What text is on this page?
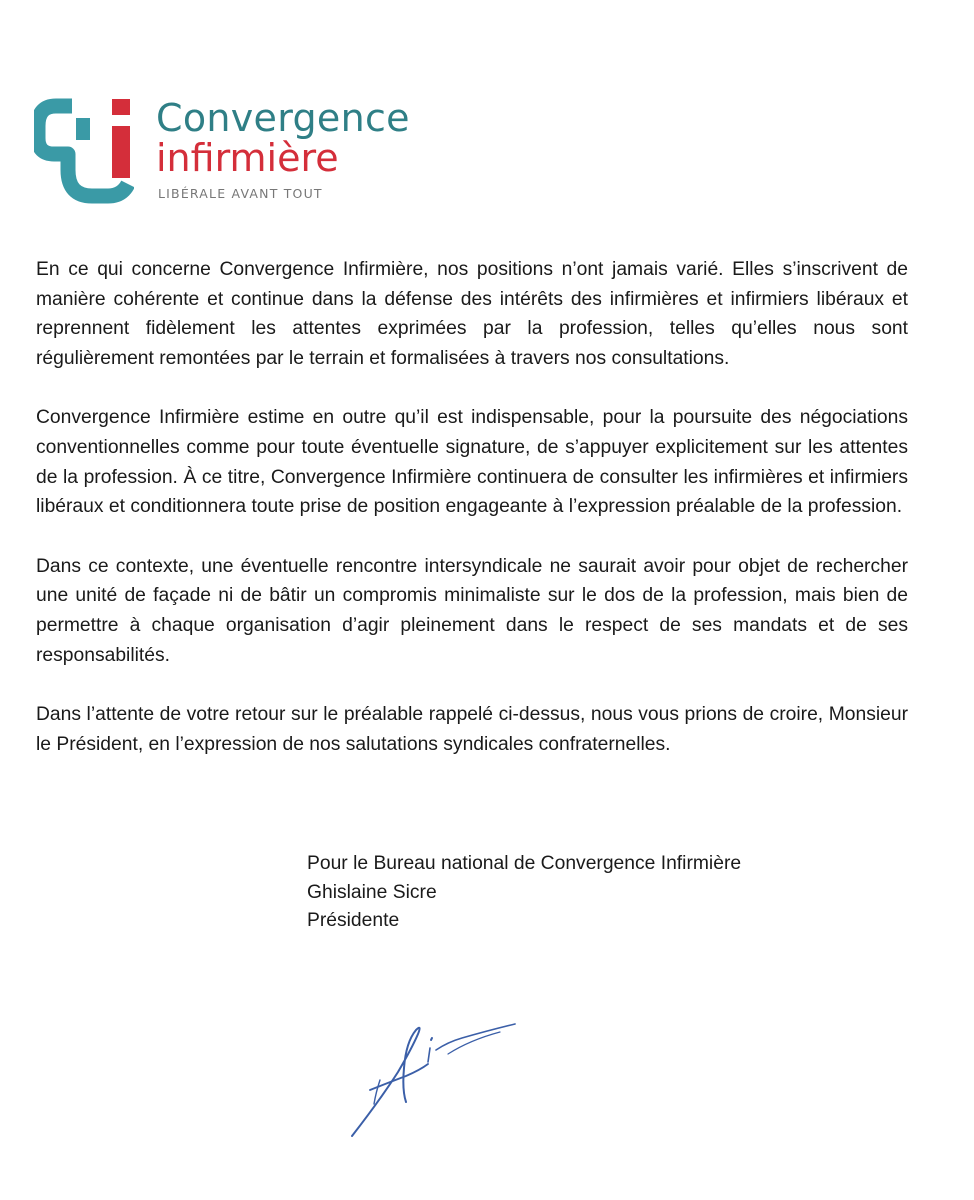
Convergence
infirmière
LIBÉRALE AVANT TOUT

En ce qui concerne Convergence Infirmière, nos positions n’ont jamais varié. Elles s’inscrivent de manière cohérente et continue dans la défense des intérêts des infirmières et infirmiers libéraux et reprennent fidèlement les attentes exprimées par la profession, telles qu’elles nous sont régulièrement remontées par le terrain et formalisées à travers nos consultations.

Convergence Infirmière estime en outre qu’il est indispensable, pour la poursuite des négociations conventionnelles comme pour toute éventuelle signature, de s’appuyer explicitement sur les attentes de la profession. À ce titre, Convergence Infirmière continuera de consulter les infirmières et infirmiers libéraux et conditionnera toute prise de position engageante à l’expression préalable de la profession.

Dans ce contexte, une éventuelle rencontre intersyndicale ne saurait avoir pour objet de rechercher une unité de façade ni de bâtir un compromis minimaliste sur le dos de la profession, mais bien de permettre à chaque organisation d’agir pleinement dans le respect de ses mandats et de ses responsabilités.

Dans l’attente de votre retour sur le préalable rappelé ci-dessus, nous vous prions de croire, Monsieur le Président, en l’expression de nos salutations syndicales confraternelles.

Pour le Bureau national de Convergence Infirmière
Ghislaine Sicre
Présidente
